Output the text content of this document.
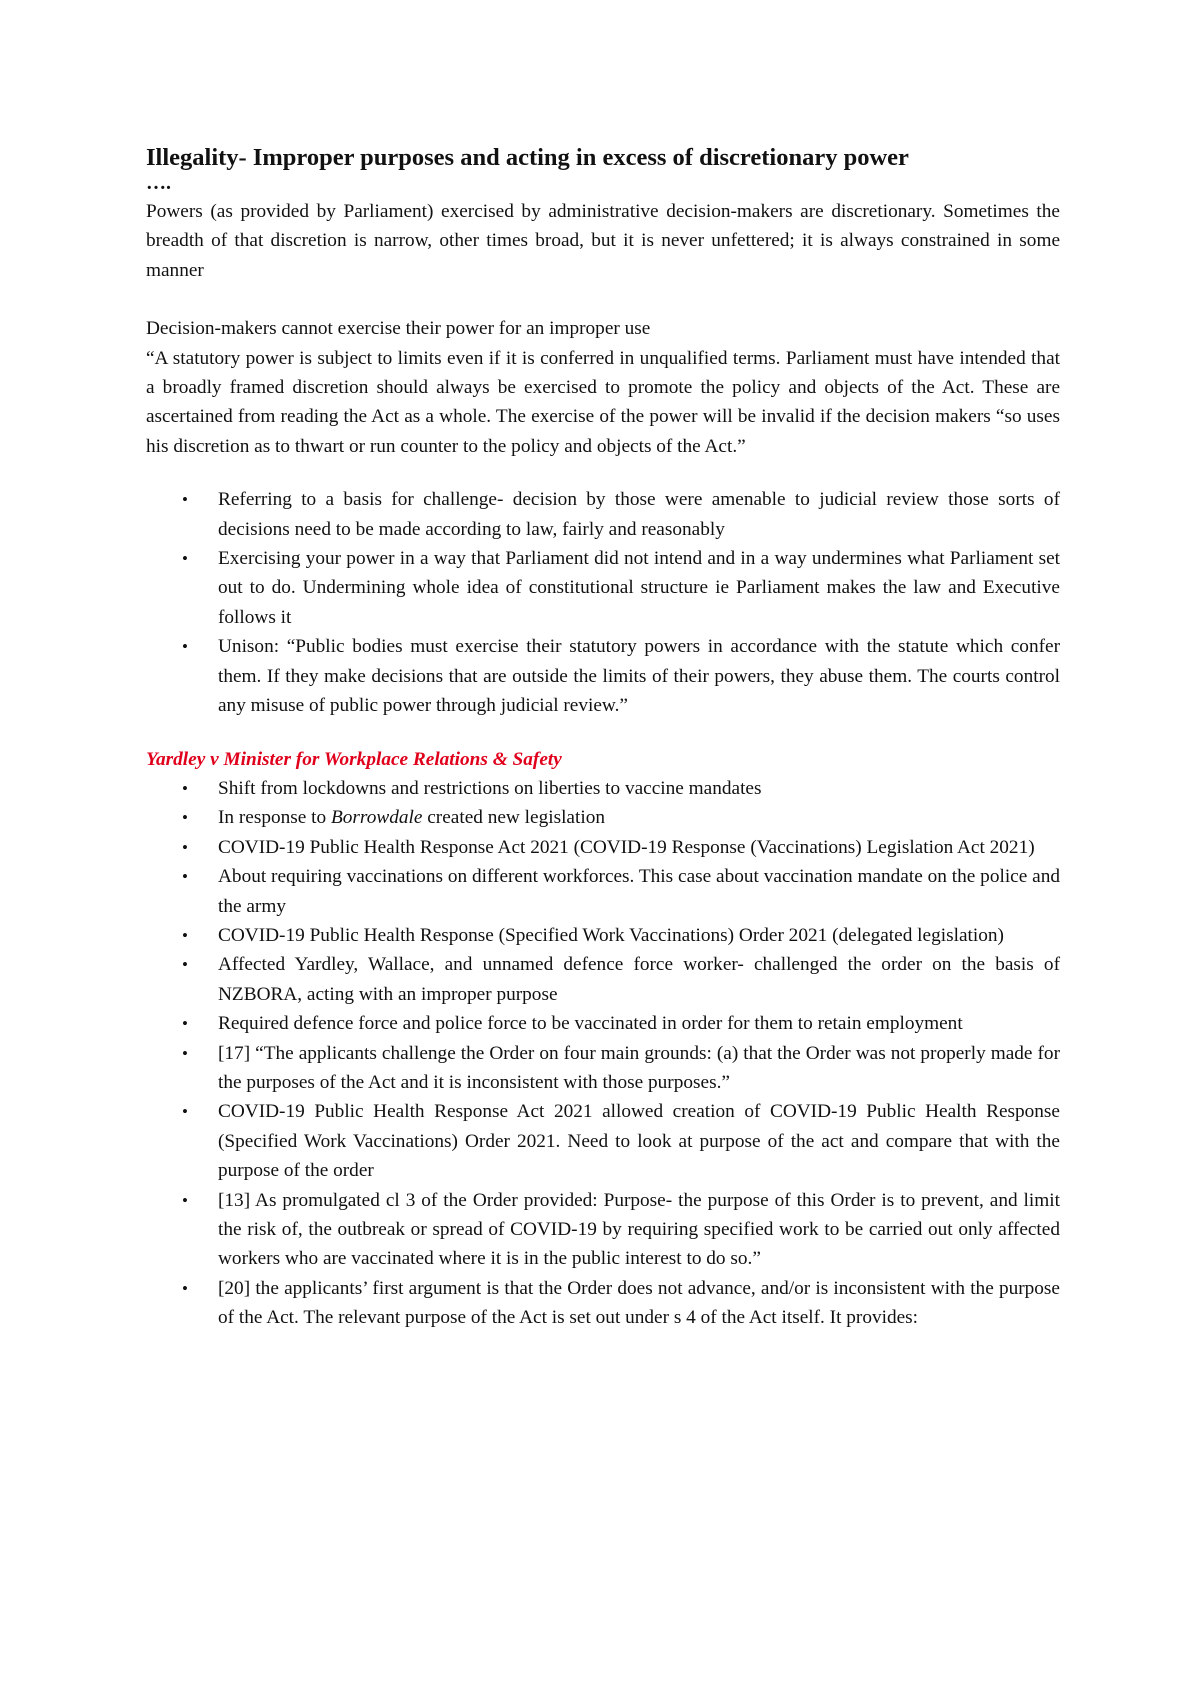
Illegality- Improper purposes and acting in excess of discretionary power
….

Powers (as provided by Parliament) exercised by administrative decision-makers are discretionary. Sometimes the breadth of that discretion is narrow, other times broad, but it is never unfettered; it is always constrained in some manner

Decision-makers cannot exercise their power for an improper use

“A statutory power is subject to limits even if it is conferred in unqualified terms. Parliament must have intended that a broadly framed discretion should always be exercised to promote the policy and objects of the Act. These are ascertained from reading the Act as a whole. The exercise of the power will be invalid if the decision makers “so uses his discretion as to thwart or run counter to the policy and objects of the Act.”

• Referring to a basis for challenge- decision by those were amenable to judicial review those sorts of decisions need to be made according to law, fairly and reasonably
• Exercising your power in a way that Parliament did not intend and in a way undermines what Parliament set out to do. Undermining whole idea of constitutional structure ie Parliament makes the law and Executive follows it
• Unison: “Public bodies must exercise their statutory powers in accordance with the statute which confer them. If they make decisions that are outside the limits of their powers, they abuse them. The courts control any misuse of public power through judicial review.”

Yardley v Minister for Workplace Relations & Safety

• Shift from lockdowns and restrictions on liberties to vaccine mandates
• In response to Borrowdale created new legislation
• COVID-19 Public Health Response Act 2021 (COVID-19 Response (Vaccinations) Legislation Act 2021)
• About requiring vaccinations on different workforces. This case about vaccination mandate on the police and the army
• COVID-19 Public Health Response (Specified Work Vaccinations) Order 2021 (delegated legislation)
• Affected Yardley, Wallace, and unnamed defence force worker- challenged the order on the basis of NZBORA, acting with an improper purpose
• Required defence force and police force to be vaccinated in order for them to retain employment
• [17] “The applicants challenge the Order on four main grounds: (a) that the Order was not properly made for the purposes of the Act and it is inconsistent with those purposes.”
• COVID-19 Public Health Response Act 2021 allowed creation of COVID-19 Public Health Response (Specified Work Vaccinations) Order 2021. Need to look at purpose of the act and compare that with the purpose of the order
• [13] As promulgated cl 3 of the Order provided: Purpose- the purpose of this Order is to prevent, and limit the risk of, the outbreak or spread of COVID-19 by requiring specified work to be carried out only affected workers who are vaccinated where it is in the public interest to do so.”
• [20] the applicants’ first argument is that the Order does not advance, and/or is inconsistent with the purpose of the Act. The relevant purpose of the Act is set out under s 4 of the Act itself. It provides:
